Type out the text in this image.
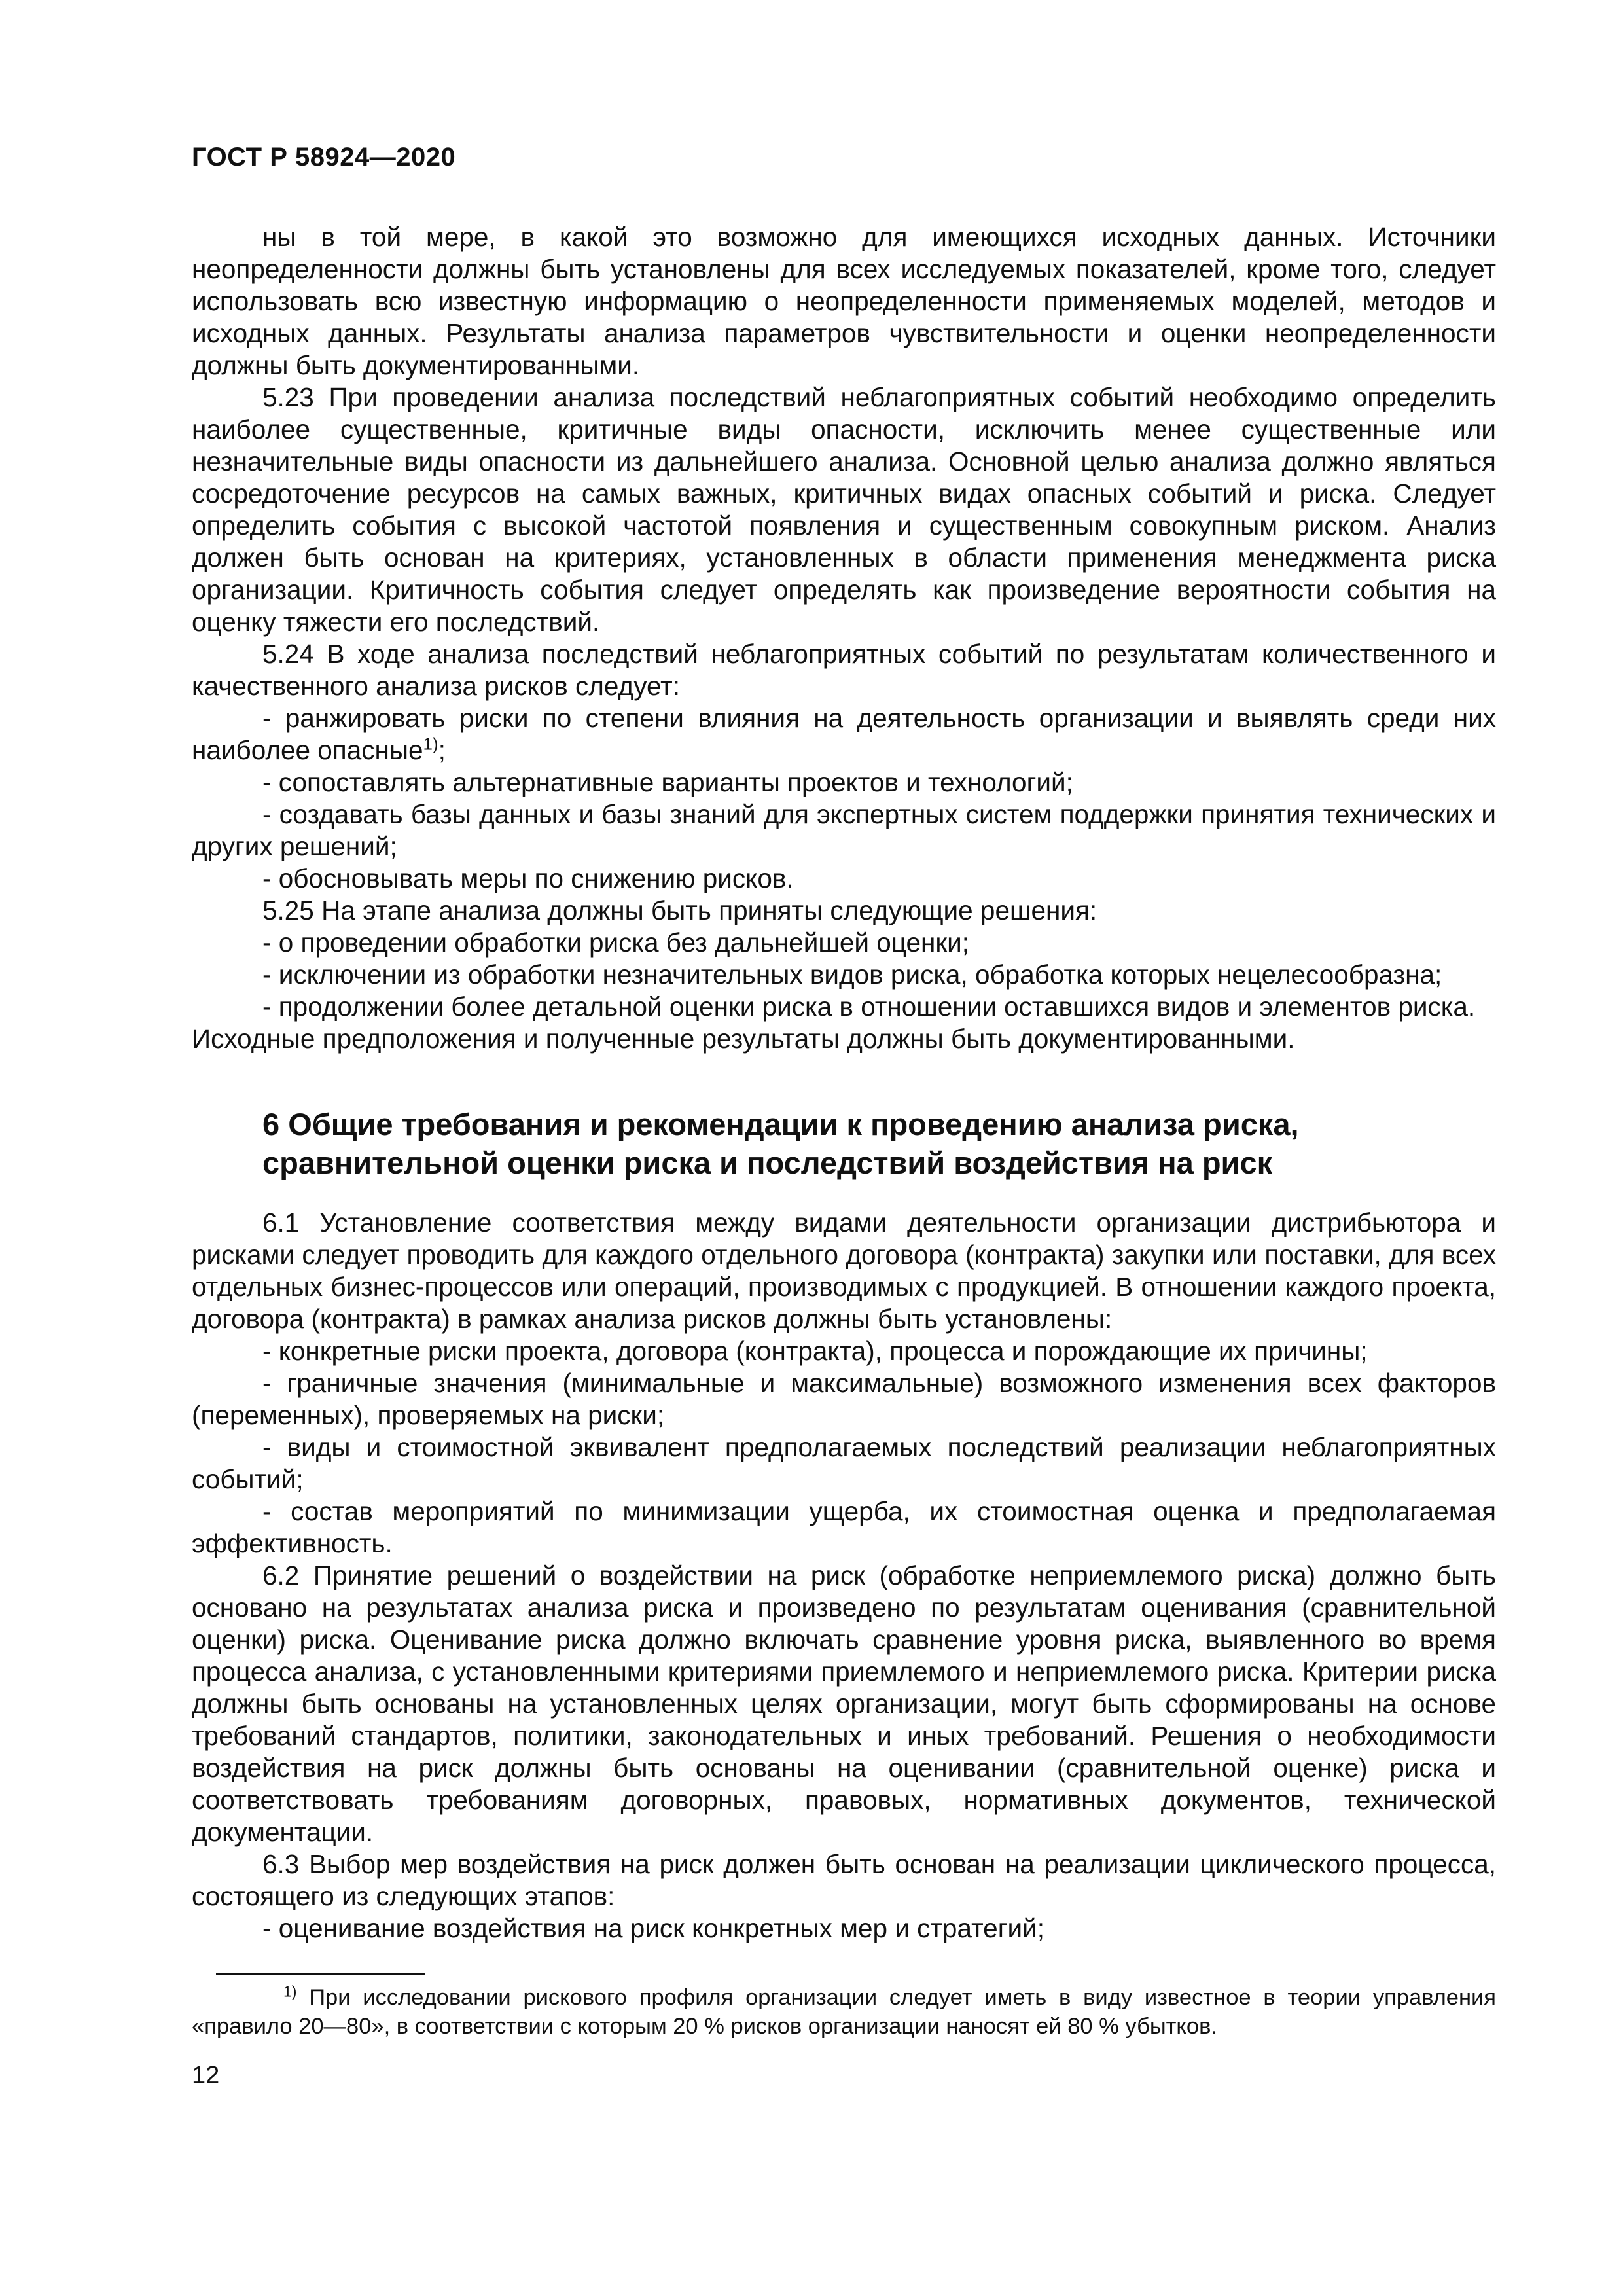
ГОСТ Р 58924—2020

ны в той мере, в какой это возможно для имеющихся исходных данных. Источники неопределенности должны быть установлены для всех исследуемых показателей, кроме того, следует использовать всю известную информацию о неопределенности применяемых моделей, методов и исходных данных. Результаты анализа параметров чувствительности и оценки неопределенности должны быть документированными.

5.23 При проведении анализа последствий неблагоприятных событий необходимо определить наиболее существенные, критичные виды опасности, исключить менее существенные или незначительные виды опасности из дальнейшего анализа. Основной целью анализа должно являться сосредоточение ресурсов на самых важных, критичных видах опасных событий и риска. Следует определить события с высокой частотой появления и существенным совокупным риском. Анализ должен быть основан на критериях, установленных в области применения менеджмента риска организации. Критичность события следует определять как произведение вероятности события на оценку тяжести его последствий.

5.24 В ходе анализа последствий неблагоприятных событий по результатам количественного и качественного анализа рисков следует:

- ранжировать риски по степени влияния на деятельность организации и выявлять среди них наиболее опасные$^{1)}$;

- сопоставлять альтернативные варианты проектов и технологий;

- создавать базы данных и базы знаний для экспертных систем поддержки принятия технических и других решений;

- обосновывать меры по снижению рисков.

5.25 На этапе анализа должны быть приняты следующие решения:

- о проведении обработки риска без дальнейшей оценки;

- исключении из обработки незначительных видов риска, обработка которых нецелесообразна;

- продолжении более детальной оценки риска в отношении оставшихся видов и элементов риска.

Исходные предположения и полученные результаты должны быть документированными.

6 Общие требования и рекомендации к проведению анализа риска,
сравнительной оценки риска и последствий воздействия на риск

6.1 Установление соответствия между видами деятельности организации дистрибьютора и рисками следует проводить для каждого отдельного договора (контракта) закупки или поставки, для всех отдельных бизнес-процессов или операций, производимых с продукцией. В отношении каждого проекта, договора (контракта) в рамках анализа рисков должны быть установлены:

- конкретные риски проекта, договора (контракта), процесса и порождающие их причины;

- граничные значения (минимальные и максимальные) возможного изменения всех факторов (переменных), проверяемых на риски;

- виды и стоимостной эквивалент предполагаемых последствий реализации неблагоприятных событий;

- состав мероприятий по минимизации ущерба, их стоимостная оценка и предполагаемая эффективность.

6.2 Принятие решений о воздействии на риск (обработке неприемлемого риска) должно быть основано на результатах анализа риска и произведено по результатам оценивания (сравнительной оценки) риска. Оценивание риска должно включать сравнение уровня риска, выявленного во время процесса анализа, с установленными критериями приемлемого и неприемлемого риска. Критерии риска должны быть основаны на установленных целях организации, могут быть сформированы на основе требований стандартов, политики, законодательных и иных требований. Решения о необходимости воздействия на риск должны быть основаны на оценивании (сравнительной оценке) риска и соответствовать требованиям договорных, правовых, нормативных документов, технической документации.

6.3 Выбор мер воздействия на риск должен быть основан на реализации циклического процесса, состоящего из следующих этапов:

- оценивание воздействия на риск конкретных мер и стратегий;

$^{1)}$ При исследовании рискового профиля организации следует иметь в виду известное в теории управления «правило 20—80», в соответствии с которым 20 % рисков организации наносят ей 80 % убытков.

12
